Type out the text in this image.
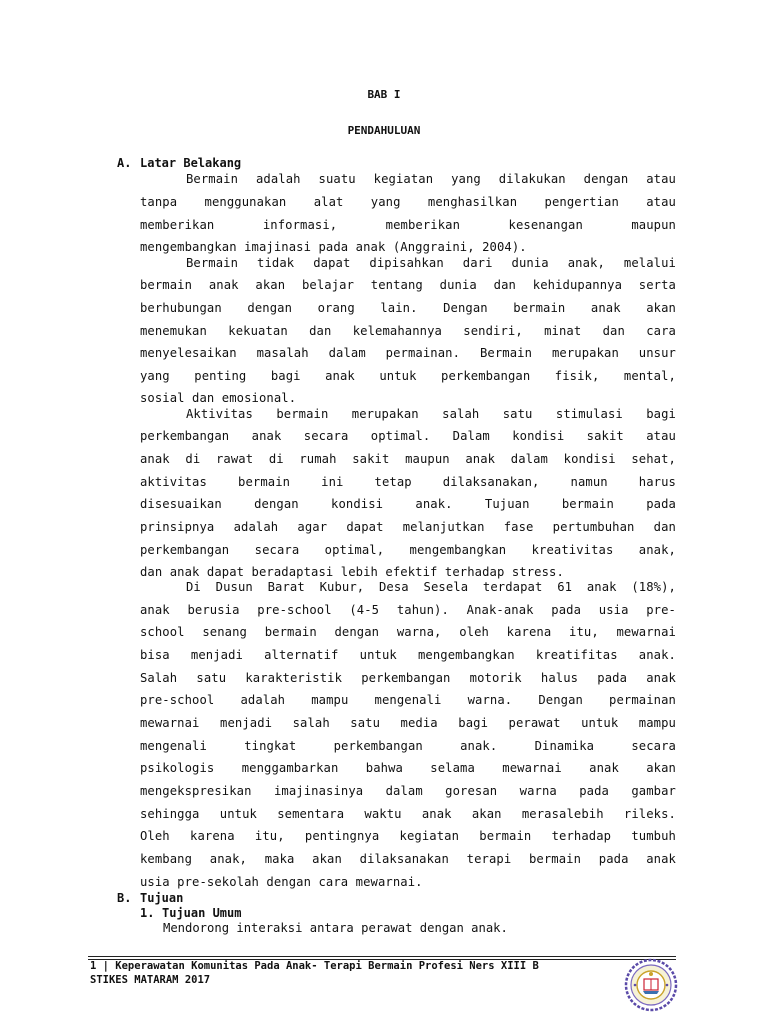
BAB I
PENDAHULUAN
A. Latar Belakang
Bermain adalah suatu kegiatan yang dilakukan dengan atau
tanpa menggunakan alat yang menghasilkan pengertian atau
memberikan informasi, memberikan kesenangan maupun
mengembangkan imajinasi pada anak (Anggraini, 2004).
Bermain tidak dapat dipisahkan dari dunia anak, melalui
bermain anak akan belajar tentang dunia dan kehidupannya serta
berhubungan dengan orang lain. Dengan bermain anak akan
menemukan kekuatan dan kelemahannya sendiri, minat dan cara
menyelesaikan masalah dalam permainan. Bermain merupakan unsur
yang penting bagi anak untuk perkembangan fisik, mental,
sosial dan emosional.
Aktivitas bermain merupakan salah satu stimulasi bagi
perkembangan anak secara optimal. Dalam kondisi sakit atau
anak di rawat di rumah sakit maupun anak dalam kondisi sehat,
aktivitas bermain ini tetap dilaksanakan, namun harus
disesuaikan dengan kondisi anak. Tujuan bermain pada
prinsipnya adalah agar dapat melanjutkan fase pertumbuhan dan
perkembangan secara optimal, mengembangkan kreativitas anak,
dan anak dapat beradaptasi lebih efektif terhadap stress.
Di Dusun Barat Kubur, Desa Sesela terdapat 61 anak (18%),
anak berusia pre-school (4-5 tahun). Anak-anak pada usia pre-
school senang bermain dengan warna, oleh karena itu, mewarnai
bisa menjadi alternatif untuk mengembangkan kreatifitas anak.
Salah satu karakteristik perkembangan motorik halus pada anak
pre-school adalah mampu mengenali warna. Dengan permainan
mewarnai menjadi salah satu media bagi perawat untuk mampu
mengenali tingkat perkembangan anak. Dinamika secara
psikologis menggambarkan bahwa selama mewarnai anak akan
mengekspresikan imajinasinya dalam goresan warna pada gambar
sehingga untuk sementara waktu anak akan merasalebih rileks.
Oleh karena itu, pentingnya kegiatan bermain terhadap tumbuh
kembang anak, maka akan dilaksanakan terapi bermain pada anak
usia pre-sekolah dengan cara mewarnai.
B. Tujuan
1. Tujuan Umum
Mendorong interaksi antara perawat dengan anak.
1 | Keperawatan Komunitas Pada Anak- Terapi Bermain Profesi Ners XIII B
STIKES MATARAM 2017
